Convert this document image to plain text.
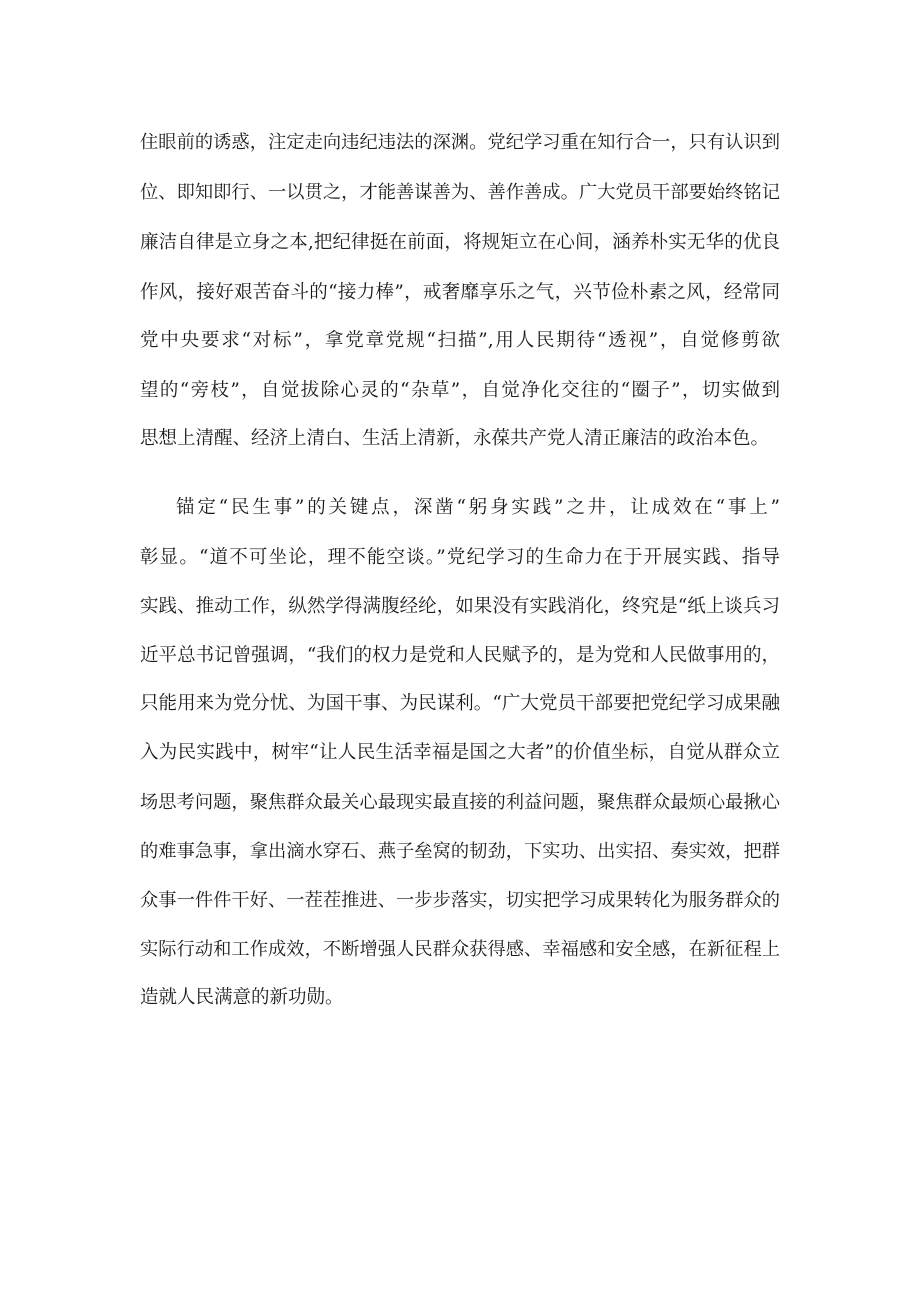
住眼前的诱惑，注定走向违纪违法的深渊。党纪学习重在知行合一，只有认识到
位、即知即行、一以贯之，才能善谋善为、善作善成。广大党员干部要始终铭记
廉洁自律是立身之本,把纪律挺在前面，将规矩立在心间，涵养朴实无华的优良
作风，接好艰苦奋斗的“接力棒”，戒奢靡享乐之气，兴节俭朴素之风，经常同
党中央要求“对标”，拿党章党规“扫描”,用人民期待“透视”，自觉修剪欲
望的“旁枝”，自觉拔除心灵的“杂草”，自觉净化交往的“圈子”，切实做到
思想上清醒、经济上清白、生活上清新，永葆共产党人清正廉洁的政治本色。
锚定“民生事”的关键点，深凿“躬身实践”之井，让成效在“事上”
彰显。“道不可坐论，理不能空谈。”党纪学习的生命力在于开展实践、指导
实践、推动工作，纵然学得满腹经纶，如果没有实践消化，终究是“纸上谈兵习
近平总书记曾强调，“我们的权力是党和人民赋予的，是为党和人民做事用的，
只能用来为党分忧、为国干事、为民谋利。“广大党员干部要把党纪学习成果融
入为民实践中，树牢“让人民生活幸福是国之大者”的价值坐标，自觉从群众立
场思考问题，聚焦群众最关心最现实最直接的利益问题，聚焦群众最烦心最揪心
的难事急事，拿出滴水穿石、燕子垒窝的韧劲，下实功、出实招、奏实效，把群
众事一件件干好、一茬茬推进、一步步落实，切实把学习成果转化为服务群众的
实际行动和工作成效，不断增强人民群众获得感、幸福感和安全感，在新征程上
造就人民满意的新功勋。
